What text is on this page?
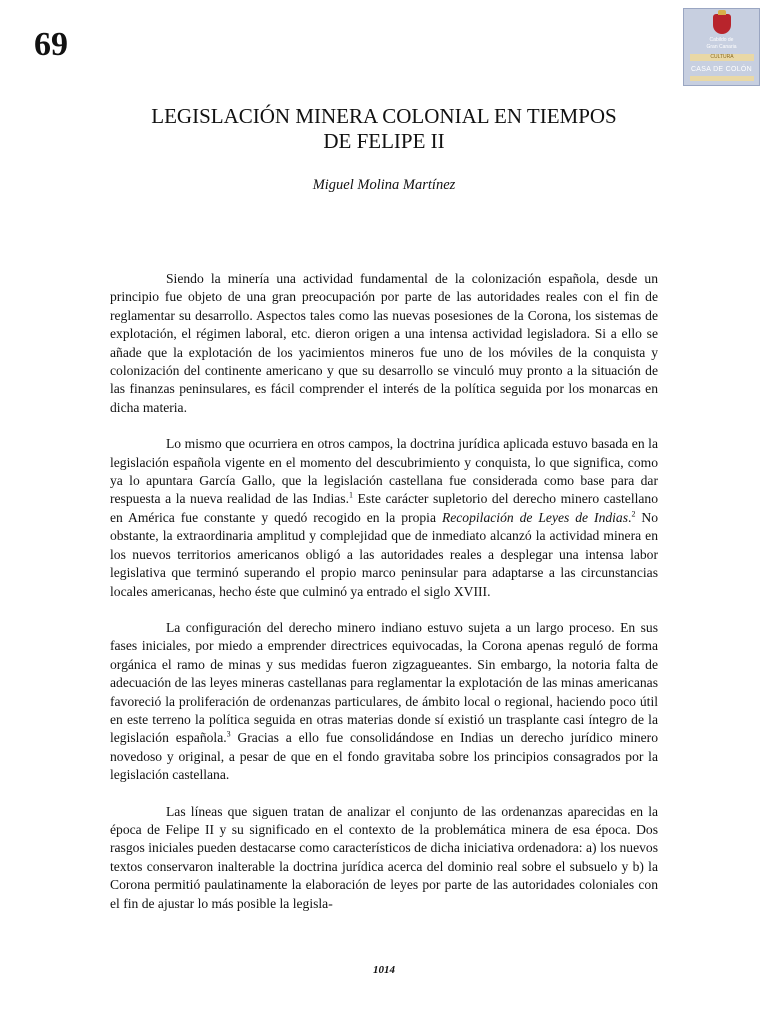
69	Cabildo de
Gran Canaria
CULTURA
CASA DE COLÓN
LEGISLACIÓN MINERA COLONIAL EN TIEMPOS
DE FELIPE II

Miguel Molina Martínez

Siendo la minería una actividad fundamental de la colonización española, desde un principio fue objeto de una gran preocupación por parte de las autoridades reales con el fin de reglamentar su desarrollo. Aspectos tales como las nuevas posesiones de la Corona, los sistemas de explotación, el régimen laboral, etc. dieron origen a una intensa actividad legisladora. Si a ello se añade que la explotación de los yacimientos mineros fue uno de los móviles de la conquista y colonización del continente americano y que su desarrollo se vinculó muy pronto a la situación de las finanzas peninsulares, es fácil comprender el interés de la política seguida por los monarcas en dicha materia.

Lo mismo que ocurriera en otros campos, la doctrina jurídica aplicada estuvo basada en la legislación española vigente en el momento del descubrimiento y conquista, lo que significa, como ya lo apuntara García Gallo, que la legislación castellana fue considerada como base para dar respuesta a la nueva realidad de las Indias.$^1$ Este carácter supletorio del derecho minero castellano en América fue constante y quedó recogido en la propia Recopilación de Leyes de Indias.$^2$ No obstante, la extraordinaria amplitud y complejidad que de inmediato alcanzó la actividad minera en los nuevos territorios americanos obligó a las autoridades reales a desplegar una intensa labor legislativa que terminó superando el propio marco peninsular para adaptarse a las circunstancias locales americanas, hecho éste que culminó ya entrado el siglo XVIII.

La configuración del derecho minero indiano estuvo sujeta a un largo proceso. En sus fases iniciales, por miedo a emprender directrices equivocadas, la Corona apenas reguló de forma orgánica el ramo de minas y sus medidas fueron zigzagueantes. Sin embargo, la notoria falta de adecuación de las leyes mineras castellanas para reglamentar la explotación de las minas americanas favoreció la proliferación de ordenanzas particulares, de ámbito local o regional, haciendo poco útil en este terreno la política seguida en otras materias donde sí existió un trasplante casi íntegro de la legislación española.$^3$ Gracias a ello fue consolidándose en Indias un derecho jurídico minero novedoso y original, a pesar de que en el fondo gravitaba sobre los principios consagrados por la legislación castellana.

Las líneas que siguen tratan de analizar el conjunto de las ordenanzas aparecidas en la época de Felipe II y su significado en el contexto de la problemática minera de esa época. Dos rasgos iniciales pueden destacarse como característicos de dicha iniciativa ordenadora: a) los nuevos textos conservaron inalterable la doctrina jurídica acerca del dominio real sobre el subsuelo y b) la Corona permitió paulatinamente la elaboración de leyes por parte de las autoridades coloniales con el fin de ajustar lo más posible la legisla-

1014
